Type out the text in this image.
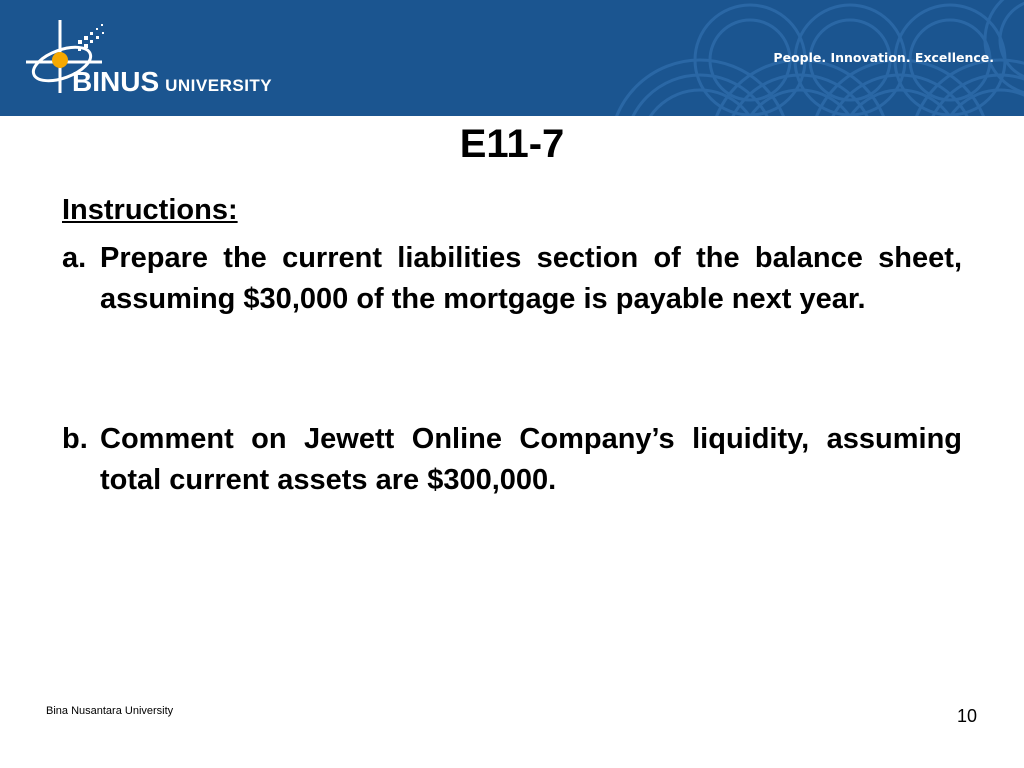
BINUS UNIVERSITY
People. Innovation. Excellence.
E11-7
Instructions:
a. Prepare the current liabilities section of the balance sheet, assuming $30,000 of the mortgage is payable next year.
b. Comment on Jewett Online Company’s liquidity, assuming total current assets are $300,000.
Bina Nusantara University	10
